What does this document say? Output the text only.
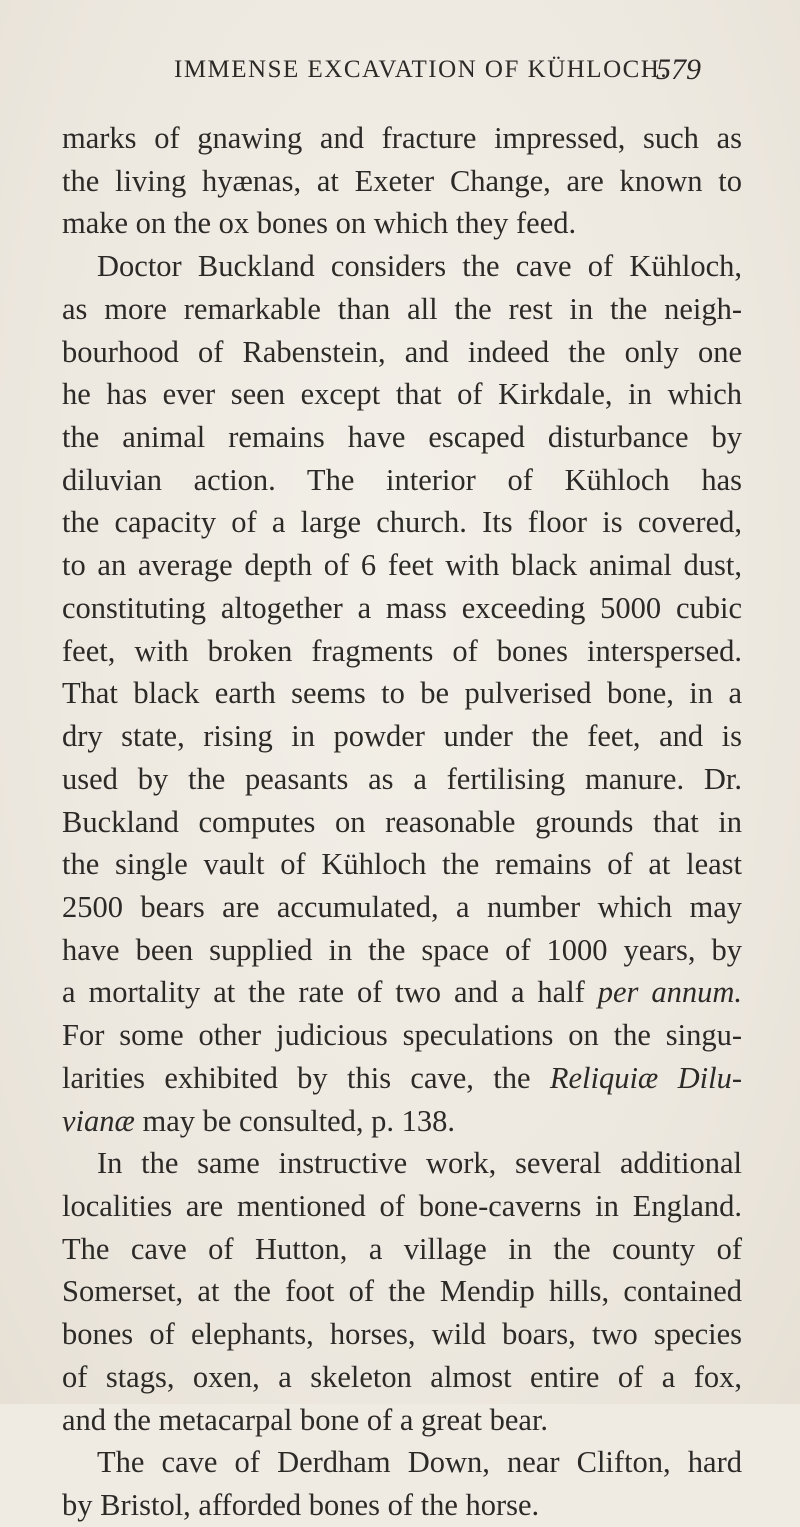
IMMENSE EXCAVATION OF KÜHLOCH.
579
marks of gnawing and fracture impressed, such as
the living hyænas, at Exeter Change, are known to
make on the ox bones on which they feed.
Doctor Buckland considers the cave of Kühloch,
as more remarkable than all the rest in the neigh-
bourhood of Rabenstein, and indeed the only one
he has ever seen except that of Kirkdale, in which
the animal remains have escaped disturbance by
diluvian action. The interior of Kühloch has
the capacity of a large church. Its floor is covered,
to an average depth of 6 feet with black animal dust,
constituting altogether a mass exceeding 5000 cubic
feet, with broken fragments of bones interspersed.
That black earth seems to be pulverised bone, in a
dry state, rising in powder under the feet, and is
used by the peasants as a fertilising manure. Dr.
Buckland computes on reasonable grounds that in
the single vault of Kühloch the remains of at least
2500 bears are accumulated, a number which may
have been supplied in the space of 1000 years, by
a mortality at the rate of two and a half per annum.
For some other judicious speculations on the singu-
larities exhibited by this cave, the Reliquiæ Dilu-
vianæ may be consulted, p. 138.
In the same instructive work, several additional
localities are mentioned of bone-caverns in England.
The cave of Hutton, a village in the county of
Somerset, at the foot of the Mendip hills, contained
bones of elephants, horses, wild boars, two species
of stags, oxen, a skeleton almost entire of a fox,
and the metacarpal bone of a great bear.
The cave of Derdham Down, near Clifton, hard
by Bristol, afforded bones of the horse.
